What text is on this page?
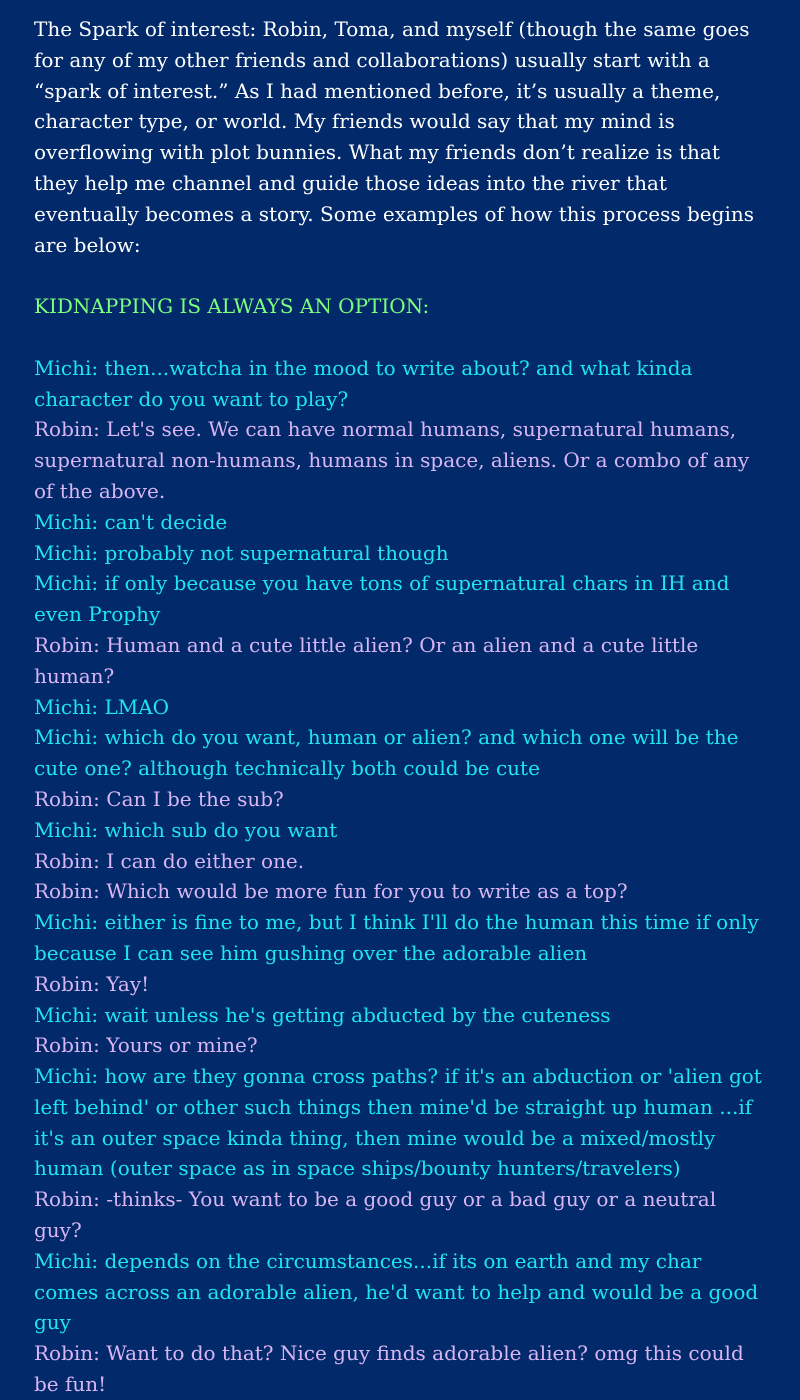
The Spark of interest: Robin, Toma, and myself (though the same goes for any of my other friends and collaborations) usually start with a “spark of interest.” As I had mentioned before, it’s usually a theme, character type, or world. My friends would say that my mind is overflowing with plot bunnies. What my friends don’t realize is that they help me channel and guide those ideas into the river that eventually becomes a story. Some examples of how this process begins are below:

KIDNAPPING IS ALWAYS AN OPTION:

Michi: then...watcha in the mood to write about? and what kinda character do you want to play?

Robin: Let's see. We can have normal humans, supernatural humans, supernatural non-humans, humans in space, aliens. Or a combo of any of the above.

Michi: can't decide

Michi: probably not supernatural though

Michi: if only because you have tons of supernatural chars in IH and even Prophy

Robin: Human and a cute little alien? Or an alien and a cute little human?

Michi: LMAO

Michi: which do you want, human or alien? and which one will be the cute one? although technically both could be cute

Robin: Can I be the sub?

Michi: which sub do you want

Robin: I can do either one.

Robin: Which would be more fun for you to write as a top?

Michi: either is fine to me, but I think I'll do the human this time if only because I can see him gushing over the adorable alien

Robin: Yay!

Michi: wait unless he's getting abducted by the cuteness

Robin: Yours or mine?

Michi: how are they gonna cross paths? if it's an abduction or 'alien got left behind' or other such things then mine'd be straight up human ...if it's an outer space kinda thing, then mine would be a mixed/mostly human (outer space as in space ships/bounty hunters/travelers)

Robin: -thinks- You want to be a good guy or a bad guy or a neutral guy?

Michi: depends on the circumstances...if its on earth and my char comes across an adorable alien, he'd want to help and would be a good guy

Robin: Want to do that? Nice guy finds adorable alien? omg this could be fun!
